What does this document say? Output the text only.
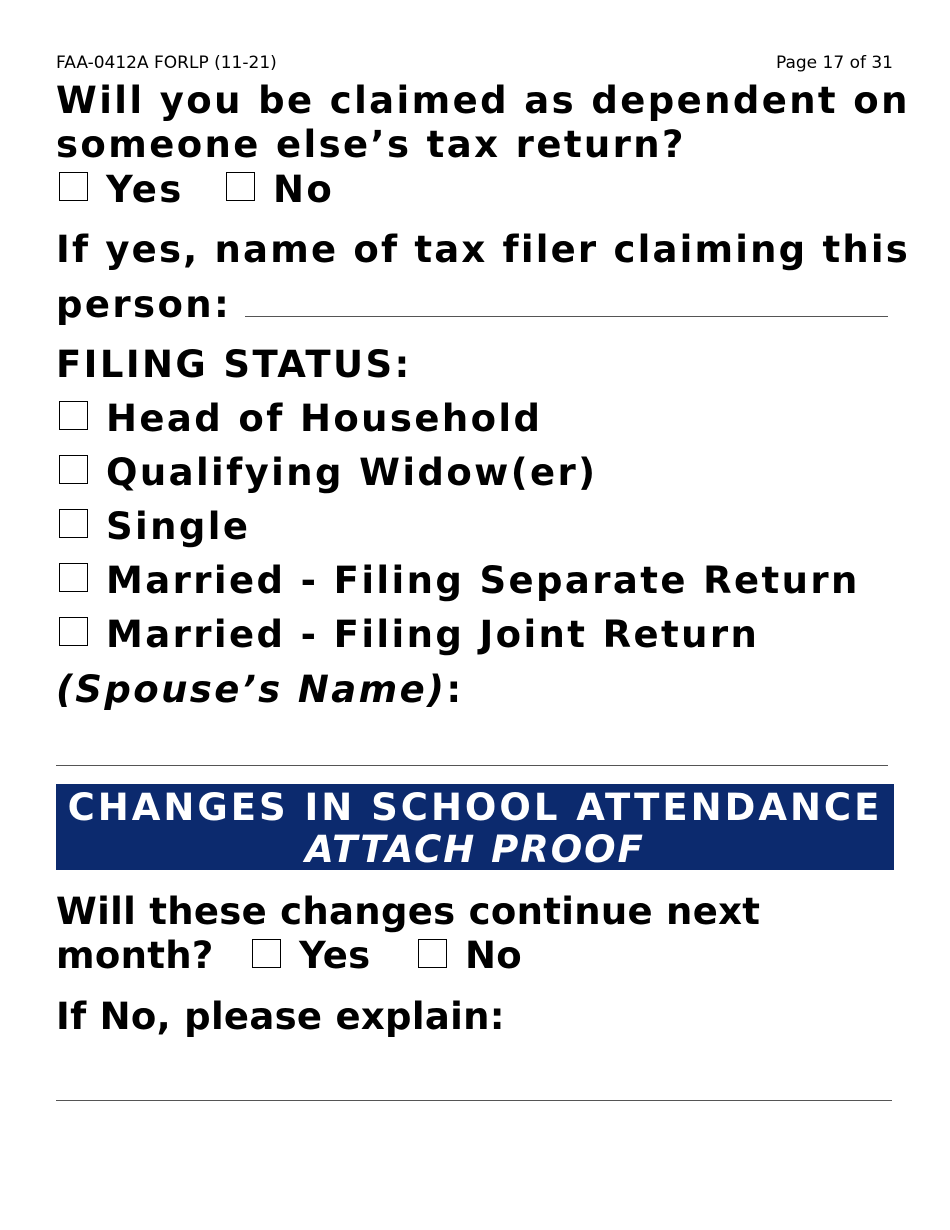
FAA-0412A FORLP (11-21)	Page 17 of 31
Will you be claimed as dependent on
someone else’s tax return?
Yes No
If yes, name of tax filer claiming this
person:
FILING STATUS:
Head of Household
Qualifying Widow(er)
Single
Married - Filing Separate Return
Married - Filing Joint Return
(Spouse’s Name):
CHANGES IN SCHOOL ATTENDANCE
ATTACH PROOF
Will these changes continue next
month? Yes	No
If No, please explain:
